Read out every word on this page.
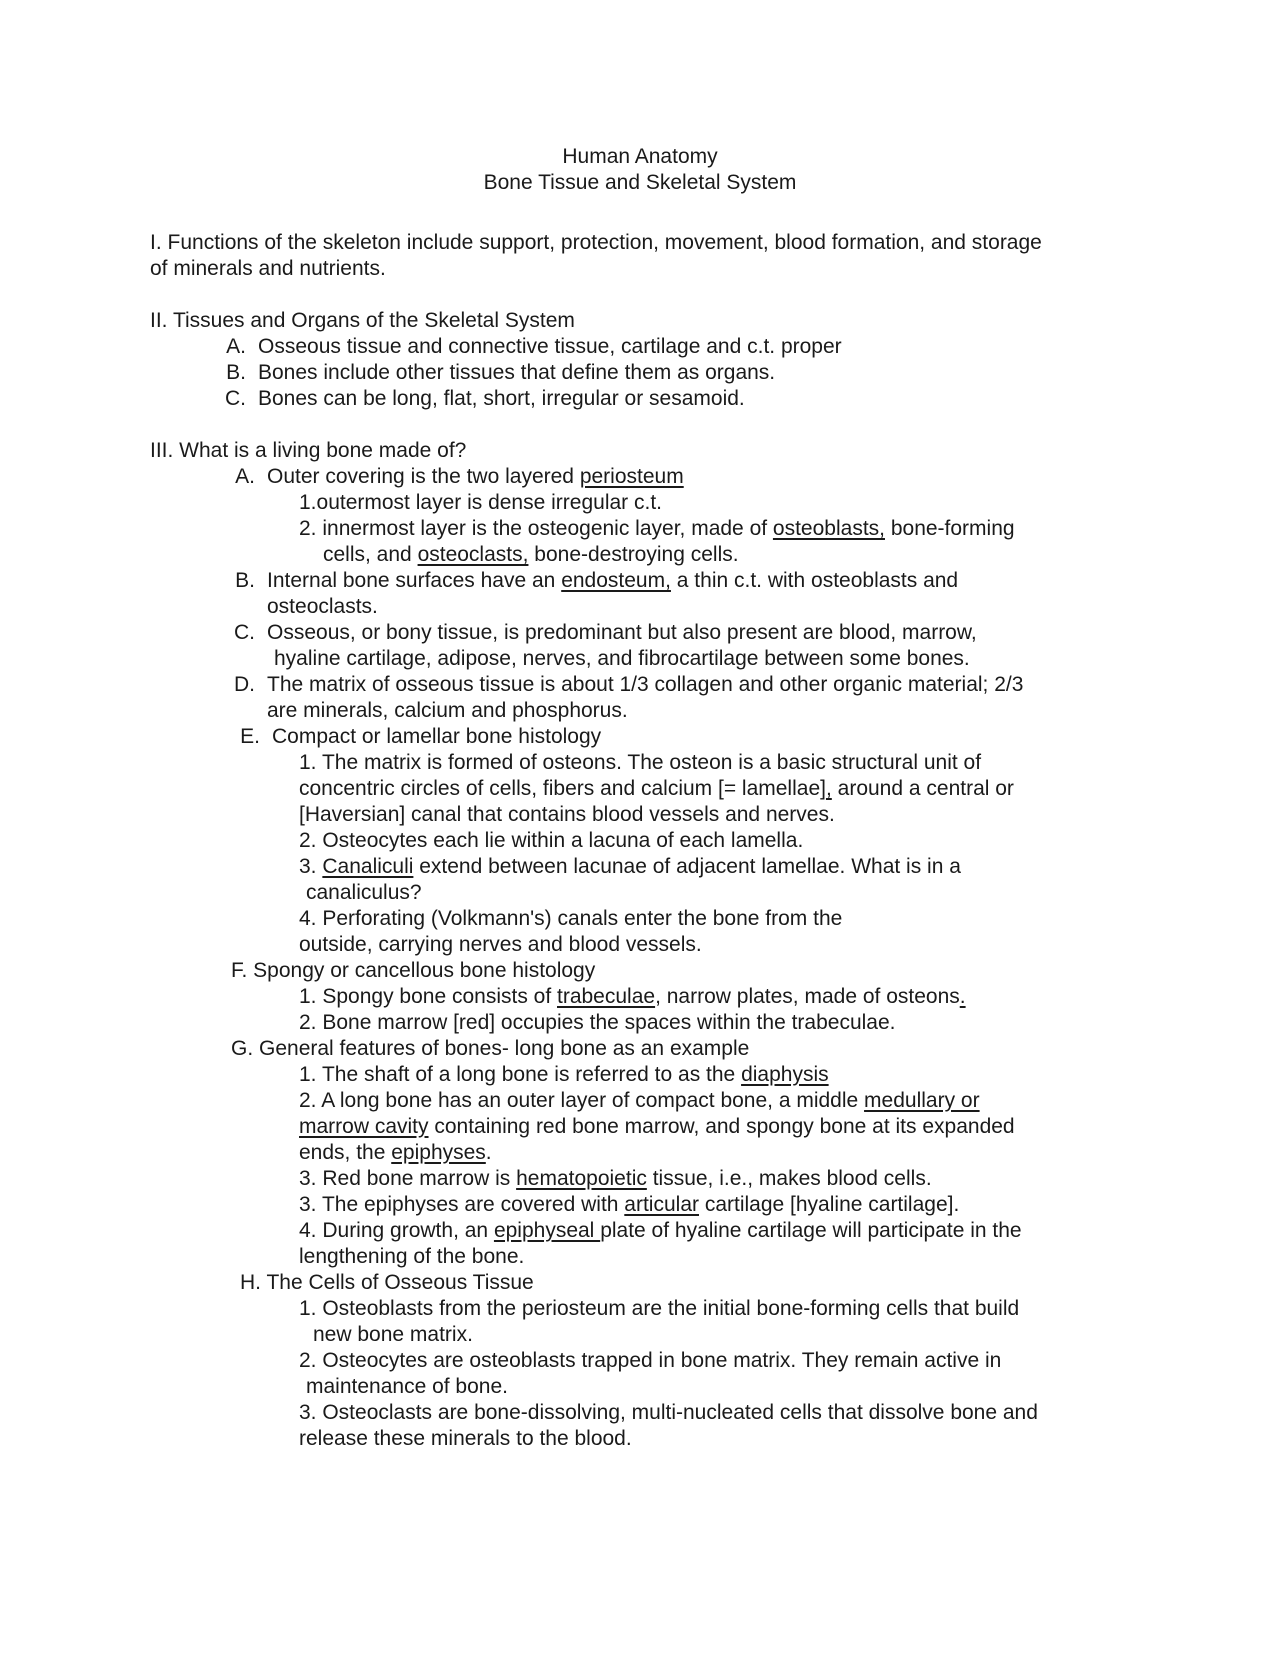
Human Anatomy
Bone Tissue and Skeletal System
I. Functions of the skeleton include support, protection, movement, blood formation, and storage
of minerals and nutrients.
II. Tissues and Organs of the Skeletal System
A. Osseous tissue and connective tissue, cartilage and c.t. proper
B. Bones include other tissues that define them as organs.
C. Bones can be long, flat, short, irregular or sesamoid.
III. What is a living bone made of?
A. Outer covering is the two layered periosteum
1.outermost layer is dense irregular c.t.
2. innermost layer is the osteogenic layer, made of osteoblasts, bone-forming
cells, and osteoclasts, bone-destroying cells.
B. Internal bone surfaces have an endosteum, a thin c.t. with osteoblasts and
osteoclasts.
C. Osseous, or bony tissue, is predominant but also present are blood, marrow,
hyaline cartilage, adipose, nerves, and fibrocartilage between some bones.
D. The matrix of osseous tissue is about 1/3 collagen and other organic material; 2/3
are minerals, calcium and phosphorus.
E. Compact or lamellar bone histology
1. The matrix is formed of osteons. The osteon is a basic structural unit of
concentric circles of cells, fibers and calcium [= lamellae], around a central or
[Haversian] canal that contains blood vessels and nerves.
2. Osteocytes each lie within a lacuna of each lamella.
3. Canaliculi extend between lacunae of adjacent lamellae. What is in a
canaliculus?
4. Perforating (Volkmann's) canals enter the bone from the
outside, carrying nerves and blood vessels.
F. Spongy or cancellous bone histology
1. Spongy bone consists of trabeculae, narrow plates, made of osteons.
2. Bone marrow [red] occupies the spaces within the trabeculae.
G. General features of bones- long bone as an example
1. The shaft of a long bone is referred to as the diaphysis
2. A long bone has an outer layer of compact bone, a middle medullary or
marrow cavity containing red bone marrow, and spongy bone at its expanded
ends, the epiphyses.
3. Red bone marrow is hematopoietic tissue, i.e., makes blood cells.
3. The epiphyses are covered with articular cartilage [hyaline cartilage].
4. During growth, an epiphyseal plate of hyaline cartilage will participate in the
lengthening of the bone.
H. The Cells of Osseous Tissue
1. Osteoblasts from the periosteum are the initial bone-forming cells that build
new bone matrix.
2. Osteocytes are osteoblasts trapped in bone matrix. They remain active in
maintenance of bone.
3. Osteoclasts are bone-dissolving, multi-nucleated cells that dissolve bone and
release these minerals to the blood.
